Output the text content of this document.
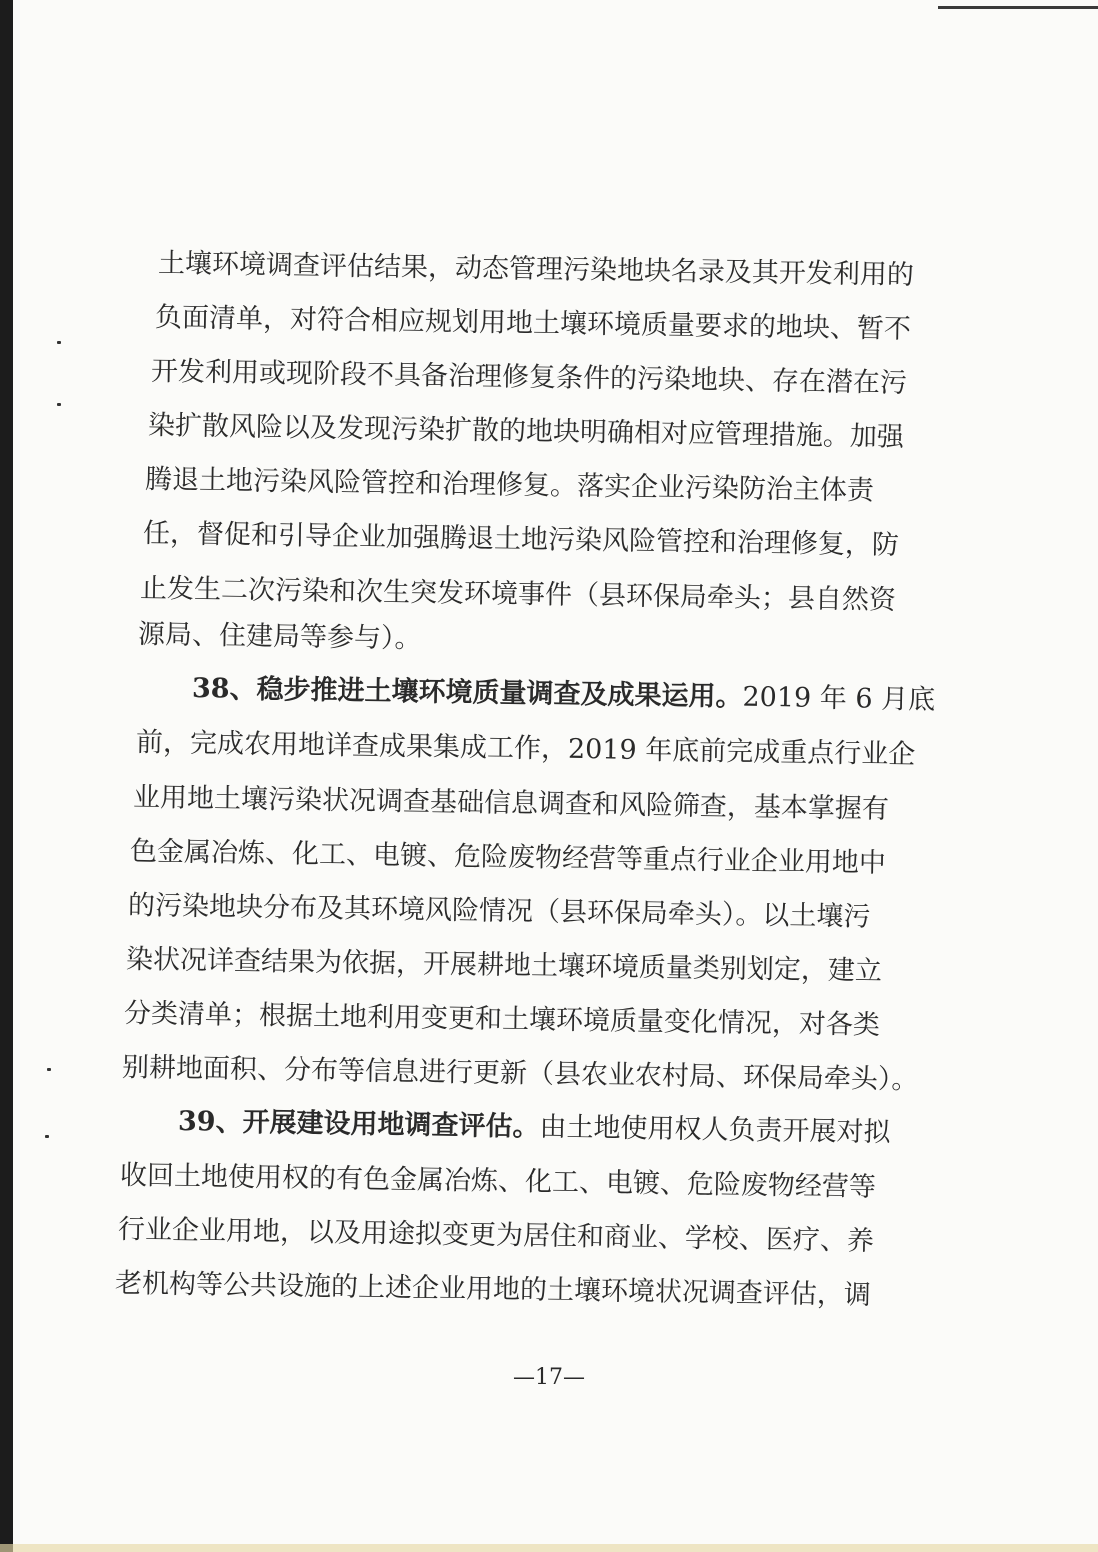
土壤环境调查评估结果，动态管理污染地块名录及其开发利用的
负面清单，对符合相应规划用地土壤环境质量要求的地块、暂不
开发利用或现阶段不具备治理修复条件的污染地块、存在潜在污
染扩散风险以及发现污染扩散的地块明确相对应管理措施。加强
腾退土地污染风险管控和治理修复。落实企业污染防治主体责
任，督促和引导企业加强腾退土地污染风险管控和治理修复，防
止发生二次污染和次生突发环境事件（县环保局牵头；县自然资
源局、住建局等参与）。
38、稳步推进土壤环境质量调查及成果运用。2019 年 6 月底
前，完成农用地详查成果集成工作，2019 年底前完成重点行业企
业用地土壤污染状况调查基础信息调查和风险筛查，基本掌握有
色金属冶炼、化工、电镀、危险废物经营等重点行业企业用地中
的污染地块分布及其环境风险情况（县环保局牵头）。以土壤污
染状况详查结果为依据，开展耕地土壤环境质量类别划定，建立
分类清单；根据土地利用变更和土壤环境质量变化情况，对各类
别耕地面积、分布等信息进行更新（县农业农村局、环保局牵头）。
39、开展建设用地调查评估。由土地使用权人负责开展对拟
收回土地使用权的有色金属冶炼、化工、电镀、危险废物经营等
行业企业用地，以及用途拟变更为居住和商业、学校、医疗、养
老机构等公共设施的上述企业用地的土壤环境状况调查评估，调
—17—
